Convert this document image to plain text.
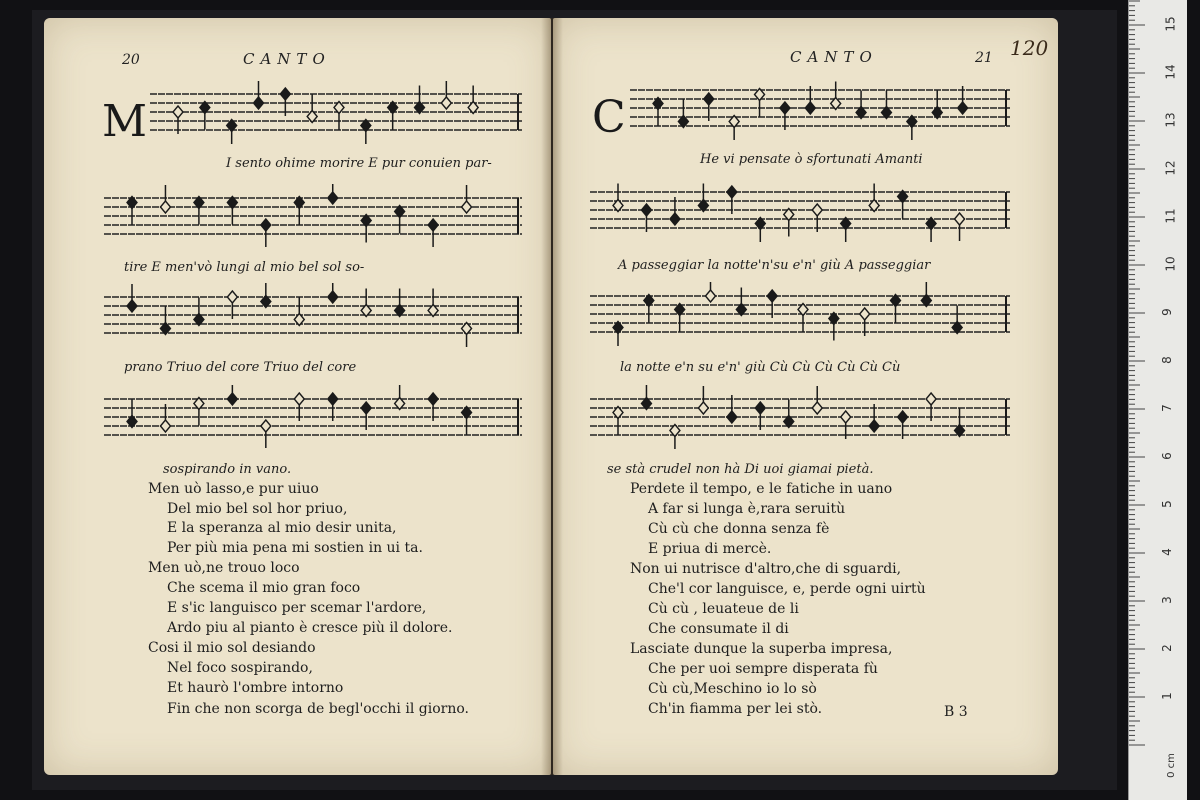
20	CANTO	CANTO	21 120
M	C
I sento ohime morire E pur conuien par-
tire E men'vò lungi al mio bel sol so-
prano Triuo del core Triuo del core
sospirando in vano.
He vi pensate ò sfortunati Amanti
A passeggiar la notte'n'su e'n' giù A passeggiar
la notte e'n su e'n' giù Cù Cù Cù Cù Cù Cù
se stà crudel non hà Di uoi giamai pietà.
Men uò lasso,e pur uiuo
Del mio bel sol hor priuo,
E la speranza al mio desir unita,
Per più mia pena mi sostien in ui ta.
Men uò,ne trouo loco
Che scema il mio gran foco
E s'ic languisco per scemar l'ardore,
Ardo piu al pianto è cresce più il dolore.
Cosi il mio sol desiando
Nel foco sospirando,
Et haurò l'ombre intorno
Fin che non scorga de begl'occhi il giorno.
Perdete il tempo, e le fatiche in uano
A far si lunga è,rara seruitù
Cù cù che donna senza fè
E priua di mercè.
Non ui nutrisce d'altro,che di sguardi,
Che'l cor languisce, e, perde ogni uirtù
Cù cù , leuateue de li
Che consumate il di
Lasciate dunque la superba impresa,
Che per uoi sempre disperata fù
Cù cù,Meschino io lo sò
Ch'in fiamma per lei stò.	B 3
1
2
3
4
5
6
7
8
9
10
11
12
13
14
15
0 cm
